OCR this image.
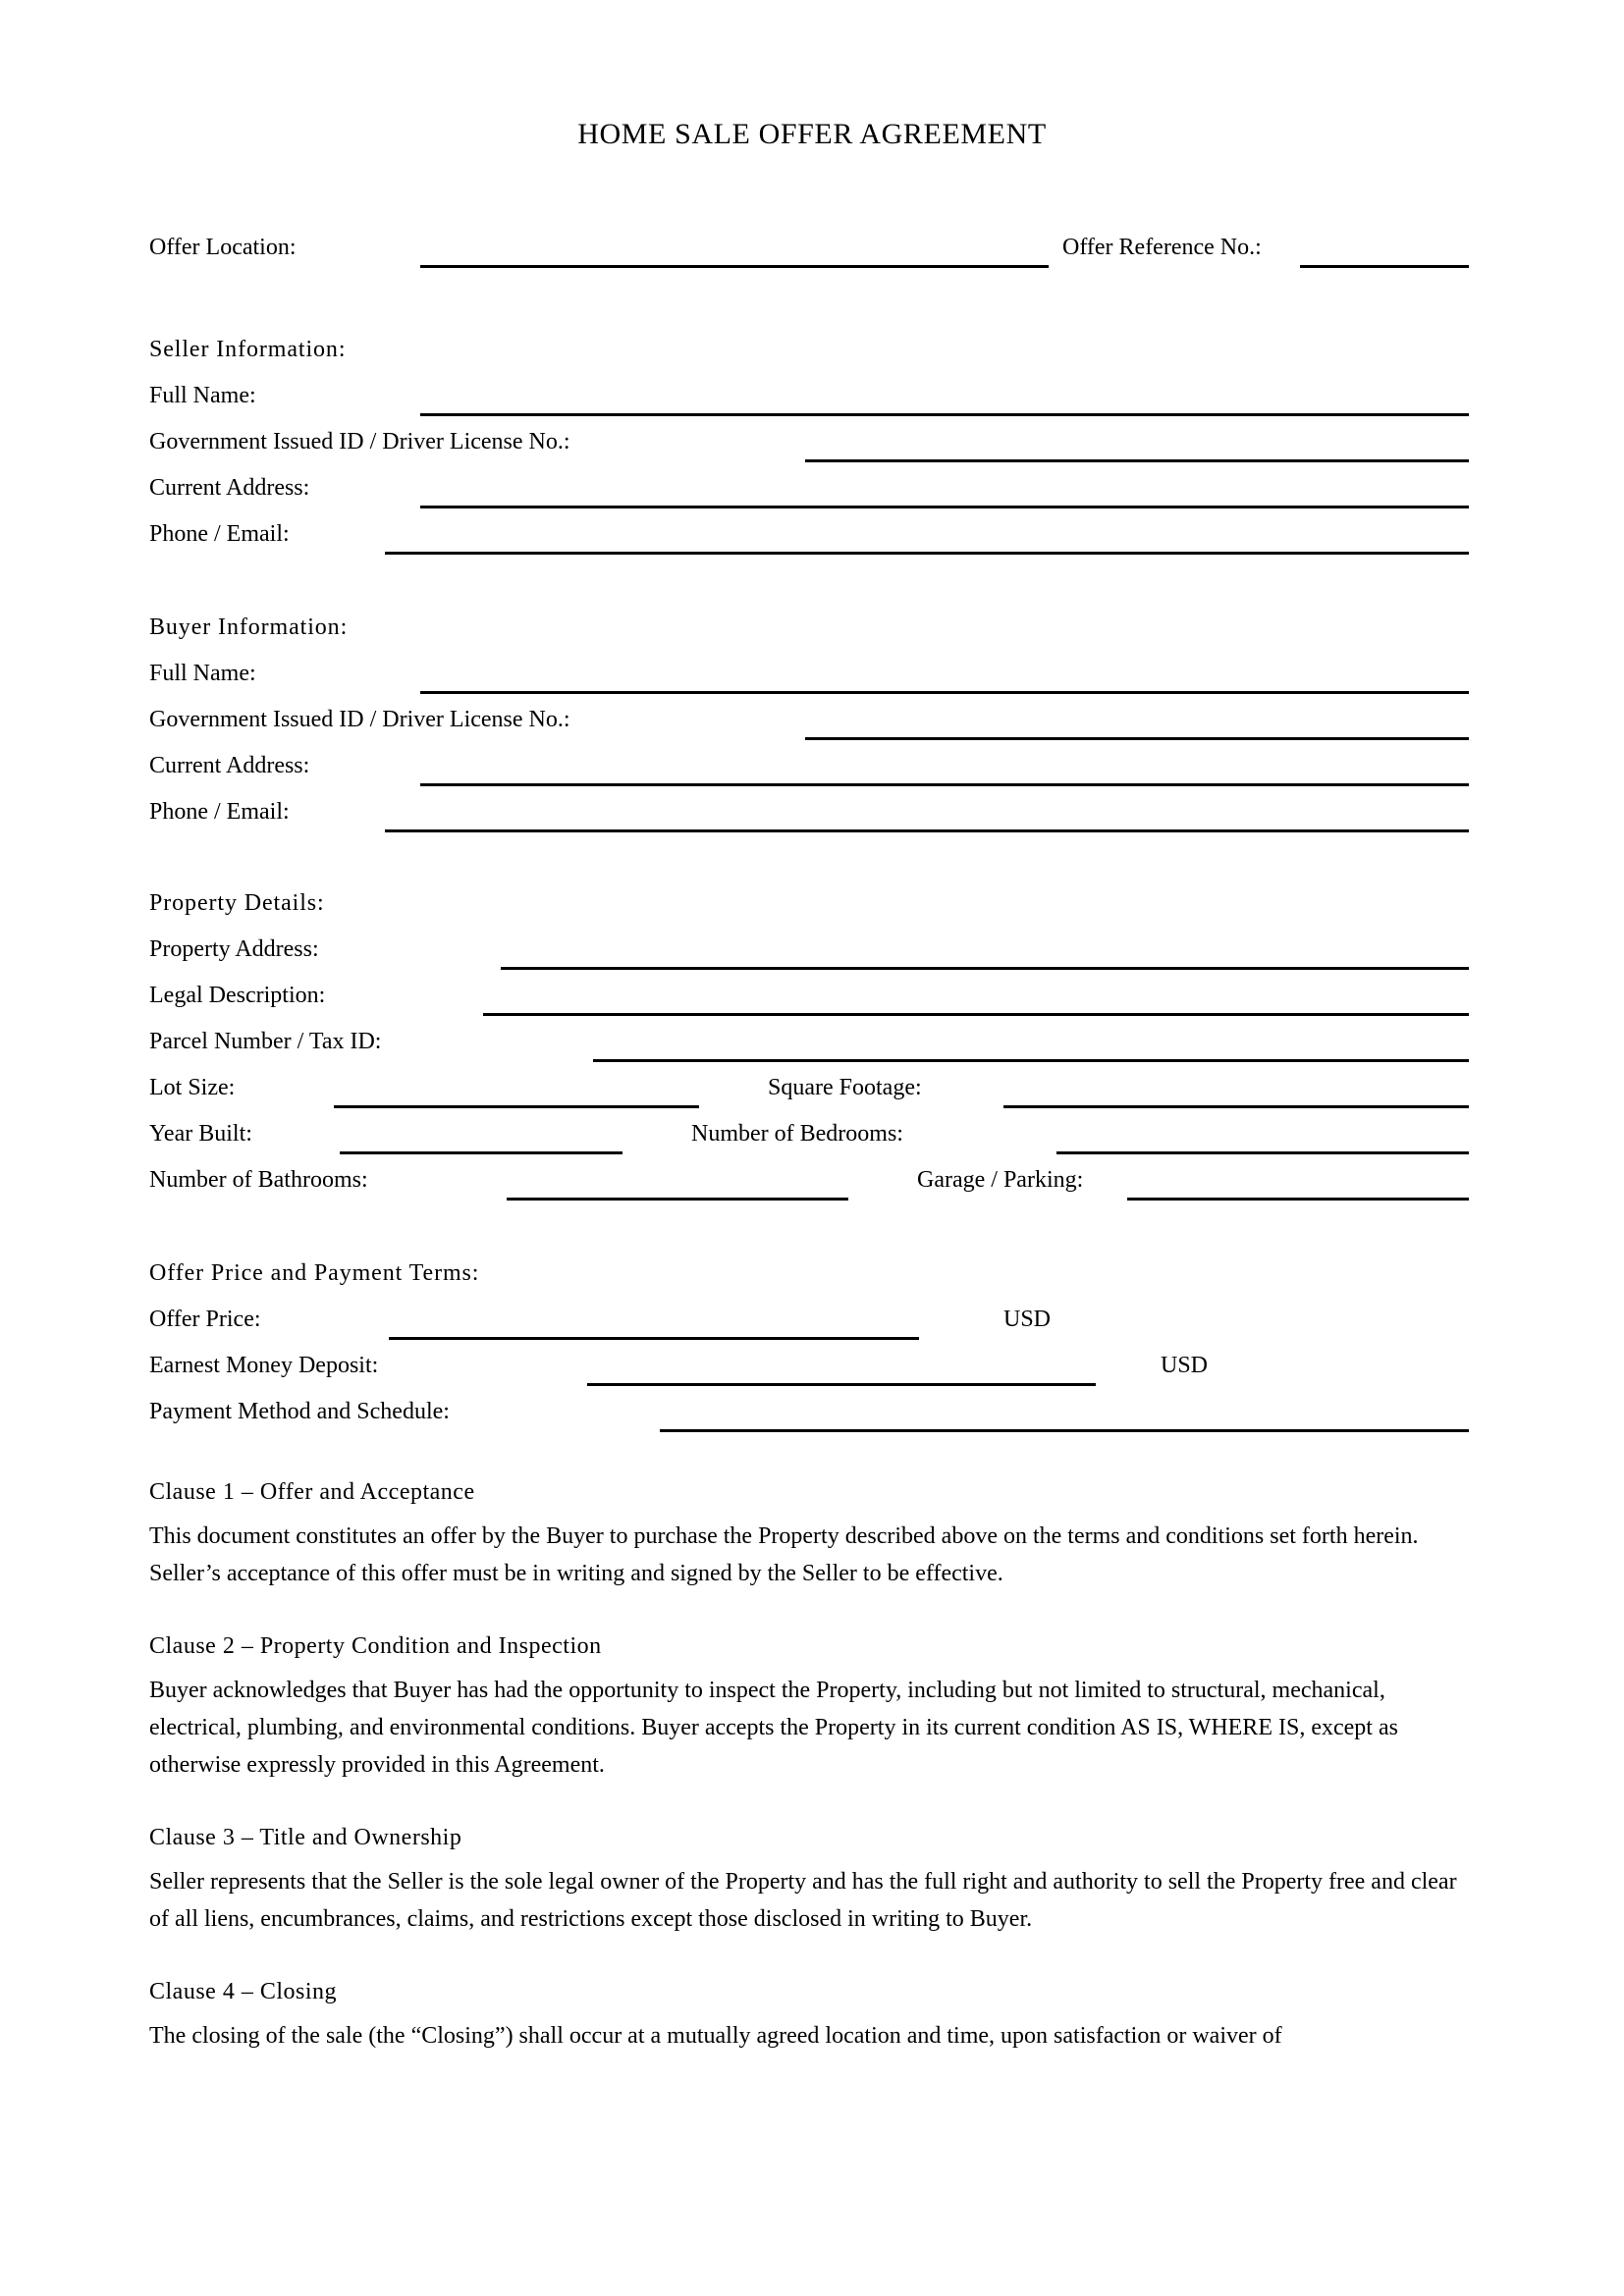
HOME SALE OFFER AGREEMENT
Offer Location:	Offer Reference No.:
Seller Information:
Full Name:
Government Issued ID / Driver License No.:
Current Address:
Phone / Email:
Buyer Information:
Full Name:
Government Issued ID / Driver License No.:
Current Address:
Phone / Email:
Property Details:
Property Address:
Legal Description:
Parcel Number / Tax ID:
Lot Size:	Square Footage:
Year Built:	Number of Bedrooms:
Number of Bathrooms:	Garage / Parking:
Offer Price and Payment Terms:
Offer Price:	USD
Earnest Money Deposit:	USD
Payment Method and Schedule:
Clause 1 – Offer and Acceptance
This document constitutes an offer by the Buyer to purchase the Property described above on the terms and conditions set forth herein. Seller’s acceptance of this offer must be in writing and signed by the Seller to be effective.
Clause 2 – Property Condition and Inspection
Buyer acknowledges that Buyer has had the opportunity to inspect the Property, including but not limited to structural, mechanical, electrical, plumbing, and environmental conditions. Buyer accepts the Property in its current condition AS IS, WHERE IS, except as otherwise expressly provided in this Agreement.
Clause 3 – Title and Ownership
Seller represents that the Seller is the sole legal owner of the Property and has the full right and authority to sell the Property free and clear of all liens, encumbrances, claims, and restrictions except those disclosed in writing to Buyer.
Clause 4 – Closing
The closing of the sale (the “Closing”) shall occur at a mutually agreed location and time, upon satisfaction or waiver of
